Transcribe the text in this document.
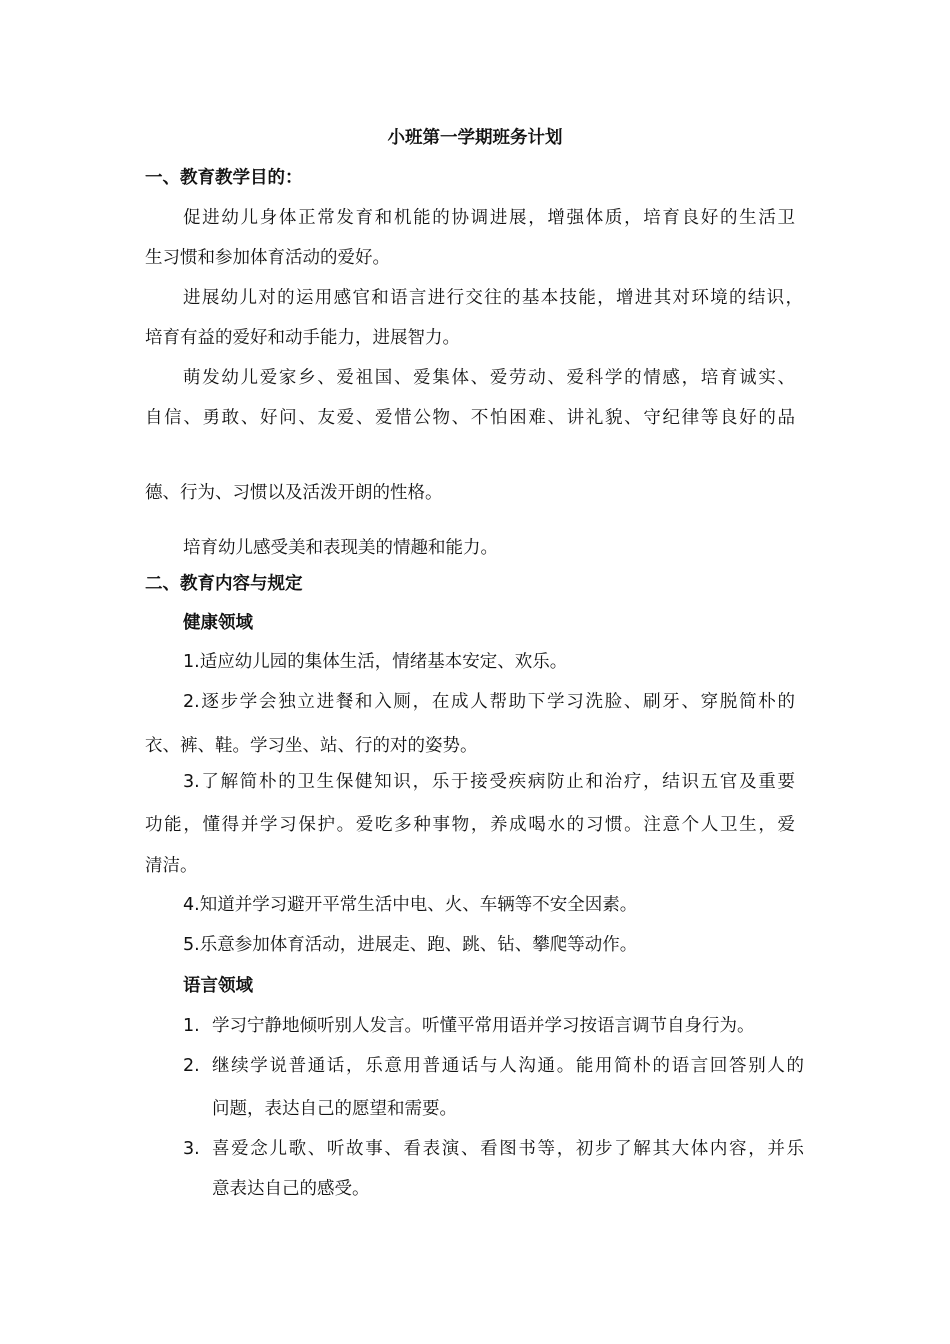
小班第一学期班务计划
一、教育教学目的：
促进幼儿身体正常发育和机能的协调进展，增强体质，培育良好的生活卫
生习惯和参加体育活动的爱好。
进展幼儿对的运用感官和语言进行交往的基本技能，增进其对环境的结识，
培育有益的爱好和动手能力，进展智力。
萌发幼儿爱家乡、爱祖国、爱集体、爱劳动、爱科学的情感，培育诚实、
自信、勇敢、好问、友爱、爱惜公物、不怕困难、讲礼貌、守纪律等良好的品
德、行为、习惯以及活泼开朗的性格。
培育幼儿感受美和表现美的情趣和能力。
二、教育内容与规定
健康领域
1.适应幼儿园的集体生活，情绪基本安定、欢乐。
2.逐步学会独立进餐和入厕，在成人帮助下学习洗脸、刷牙、穿脱简朴的
衣、裤、鞋。学习坐、站、行的对的姿势。
3.了解简朴的卫生保健知识，乐于接受疾病防止和治疗，结识五官及重要
功能，懂得并学习保护。爱吃多种事物，养成喝水的习惯。注意个人卫生，爱
清洁。
4.知道并学习避开平常生活中电、火、车辆等不安全因素。
5.乐意参加体育活动，进展走、跑、跳、钻、攀爬等动作。
语言领域
1. 学习宁静地倾听别人发言。听懂平常用语并学习按语言调节自身行为。
2. 继续学说普通话，乐意用普通话与人沟通。能用简朴的语言回答别人的
问题，表达自己的愿望和需要。
3. 喜爱念儿歌、听故事、看表演、看图书等，初步了解其大体内容，并乐
意表达自己的感受。
